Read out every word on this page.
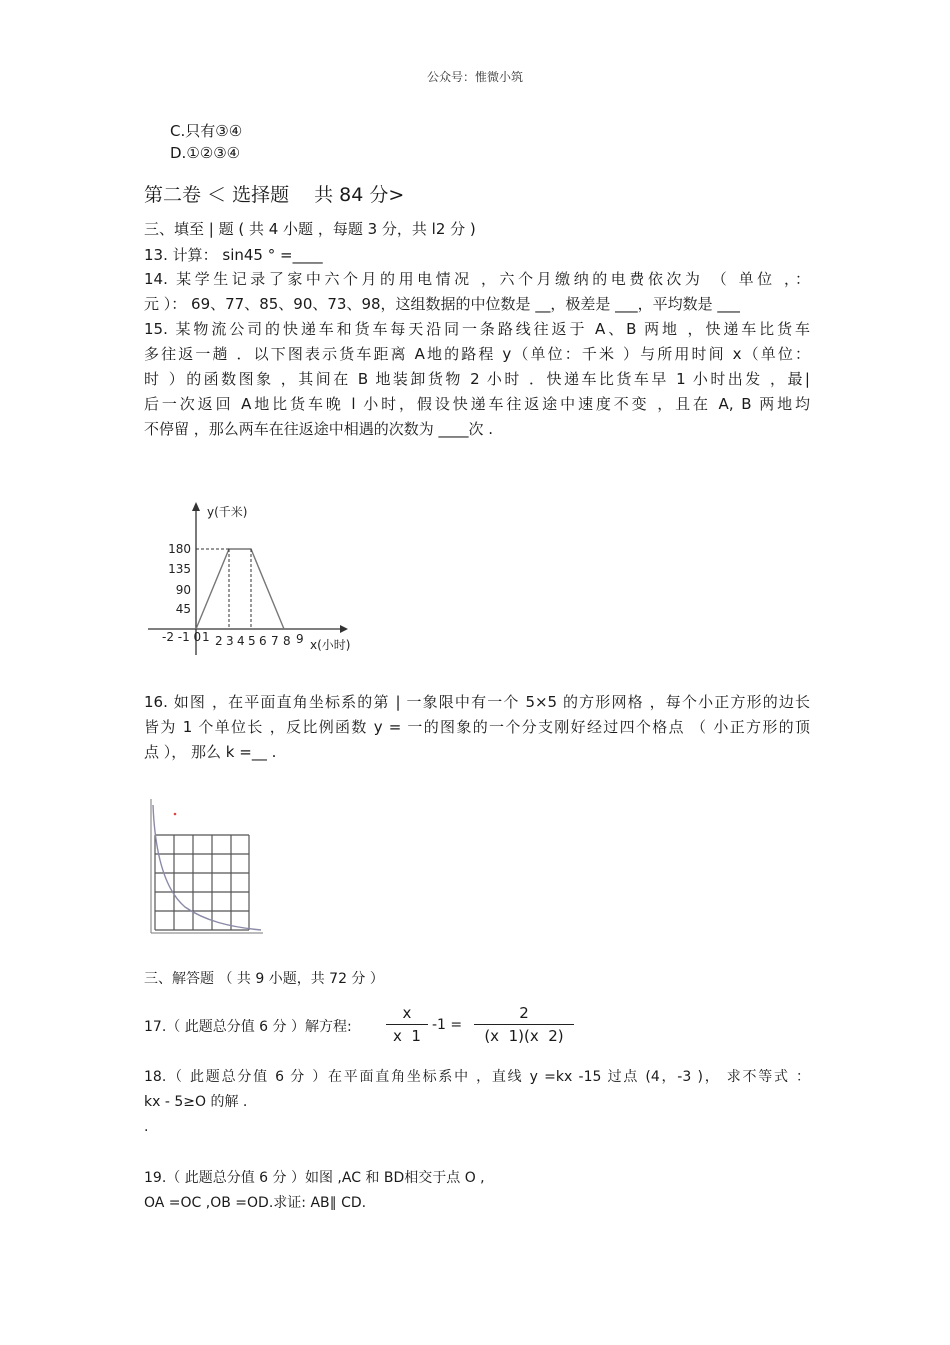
公众号：惟微小筑
C.只有③④
D.①②③④
第二卷 ＜ 选择题　 共 84 分>
三、填至 | 题 ( 共 4 小题 ，每题 3 分，共 l2 分 )
13. 计算： sin45 ° =____
14. 某学生记录了家中六个月的用电情况 ，六个月缴纳的电费依次为 （ 单位 ，：
元 ）： 69、77、85、90、73、98，这组数据的中位数是 __，极差是 ___，平均数是 ___
15. 某物流公司的快递车和货车每天沿同一条路线往返于 A、B 两地 ，快递车比货车
多往返一趟 ．以下图表示货车距离 A地的路程 y（单位：千米 ）与所用时间 x（单位：
时 ）的函数图象 ，其间在 B 地装卸货物 2 小时 ．快递车比货车早 1 小时出发 ，最|
后一次返回 A地比货车晚 l 小时，假设快递车往返途中速度不变 ，且在 A, B 两地均
不停留 ，那么两车在往返途中相遇的次数为 ____次 .
y(千米)
180
135
90
45
-2 -1 0 1 2 3 4 5 6 7 8 9 x(小时)
16. 如图 ，在平面直角坐标系的第 | 一象限中有一个 5×5 的方形网格 ，每个小正方形的边长
皆为 1 个单位长 ，反比例函数 y = 一的图象的一个分支刚好经过四个格点 （ 小正方形的顶
点 ）， 那么 k =__ .
三、解答题 （ 共 9 小题，共 72 分 ）
17.（ 此题总分值 6 分 ）解方程:
x
x  1
-1 =
2
(x  1)(x  2)
18.（ 此题总分值 6 分 ）在平面直角坐标系中 ，直线 y =kx -15 过点 (4，-3 )， 求不等式 ：
kx - 5≥O 的解 .
.
19.（ 此题总分值 6 分 ）如图 ,AC 和 BD相交于点 O ,
OA =OC ,OB =OD.求证: AB∥ CD.
